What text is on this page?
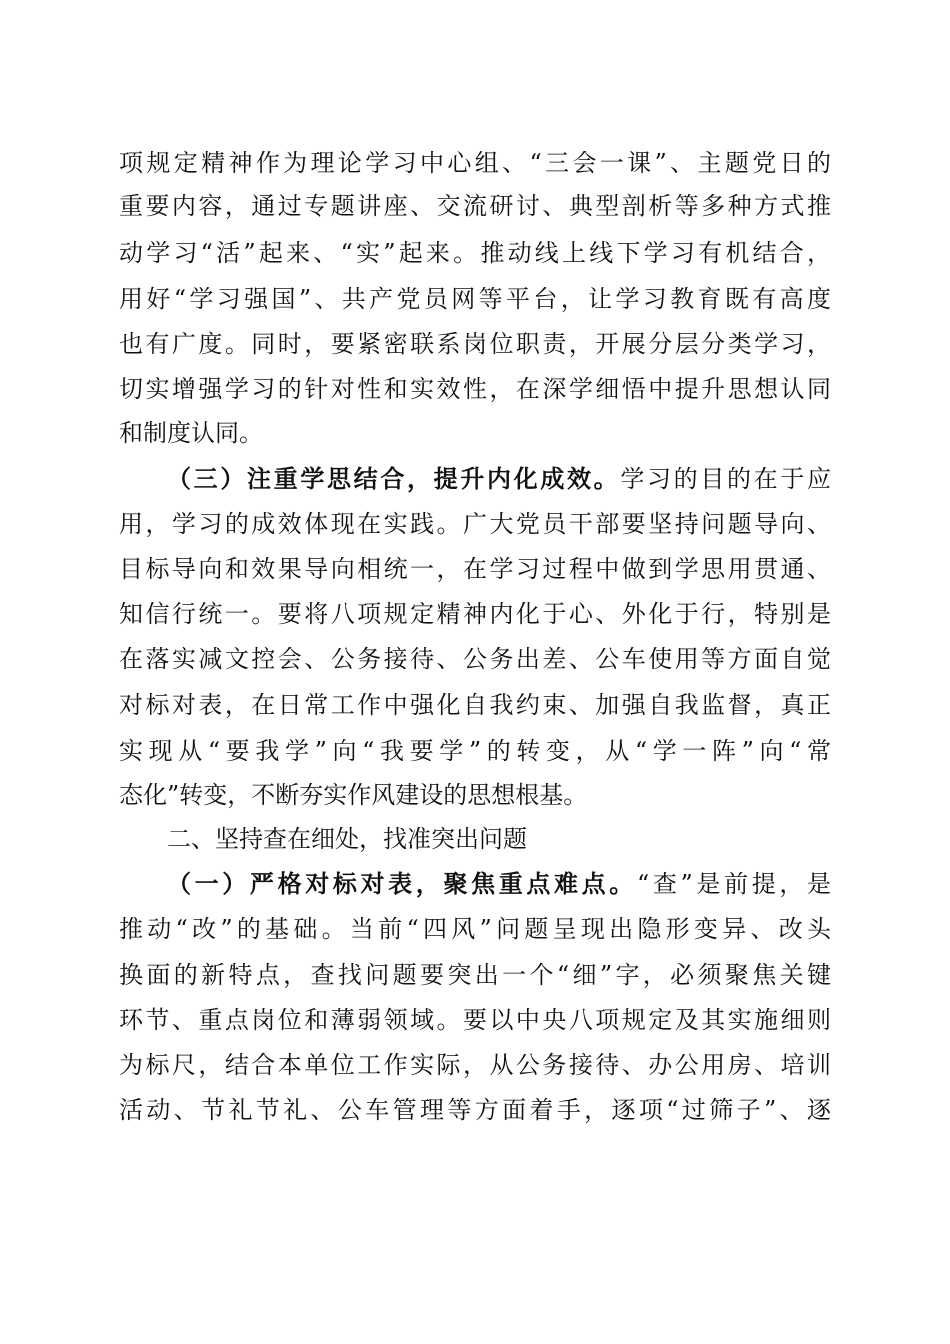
项规定精神作为理论学习中心组、“三会一课”、主题党日的
重要内容，通过专题讲座、交流研讨、典型剖析等多种方式推
动学习“活”起来、“实”起来。推动线上线下学习有机结合，
用好“学习强国”、共产党员网等平台，让学习教育既有高度
也有广度。同时，要紧密联系岗位职责，开展分层分类学习，
切实增强学习的针对性和实效性，在深学细悟中提升思想认同
和制度认同。
（三）注重学思结合，提升内化成效。学习的目的在于应
用，学习的成效体现在实践。广大党员干部要坚持问题导向、
目标导向和效果导向相统一，在学习过程中做到学思用贯通、
知信行统一。要将八项规定精神内化于心、外化于行，特别是
在落实减文控会、公务接待、公务出差、公车使用等方面自觉
对标对表，在日常工作中强化自我约束、加强自我监督，真正
实现从“要我学”向“我要学”的转变，从“学一阵”向“常
态化”转变，不断夯实作风建设的思想根基。
二、坚持查在细处，找准突出问题
（一）严格对标对表，聚焦重点难点。“查”是前提，是
推动“改”的基础。当前“四风”问题呈现出隐形变异、改头
换面的新特点，查找问题要突出一个“细”字，必须聚焦关键
环节、重点岗位和薄弱领域。要以中央八项规定及其实施细则
为标尺，结合本单位工作实际，从公务接待、办公用房、培训
活动、节礼节礼、公车管理等方面着手，逐项“过筛子”、逐
